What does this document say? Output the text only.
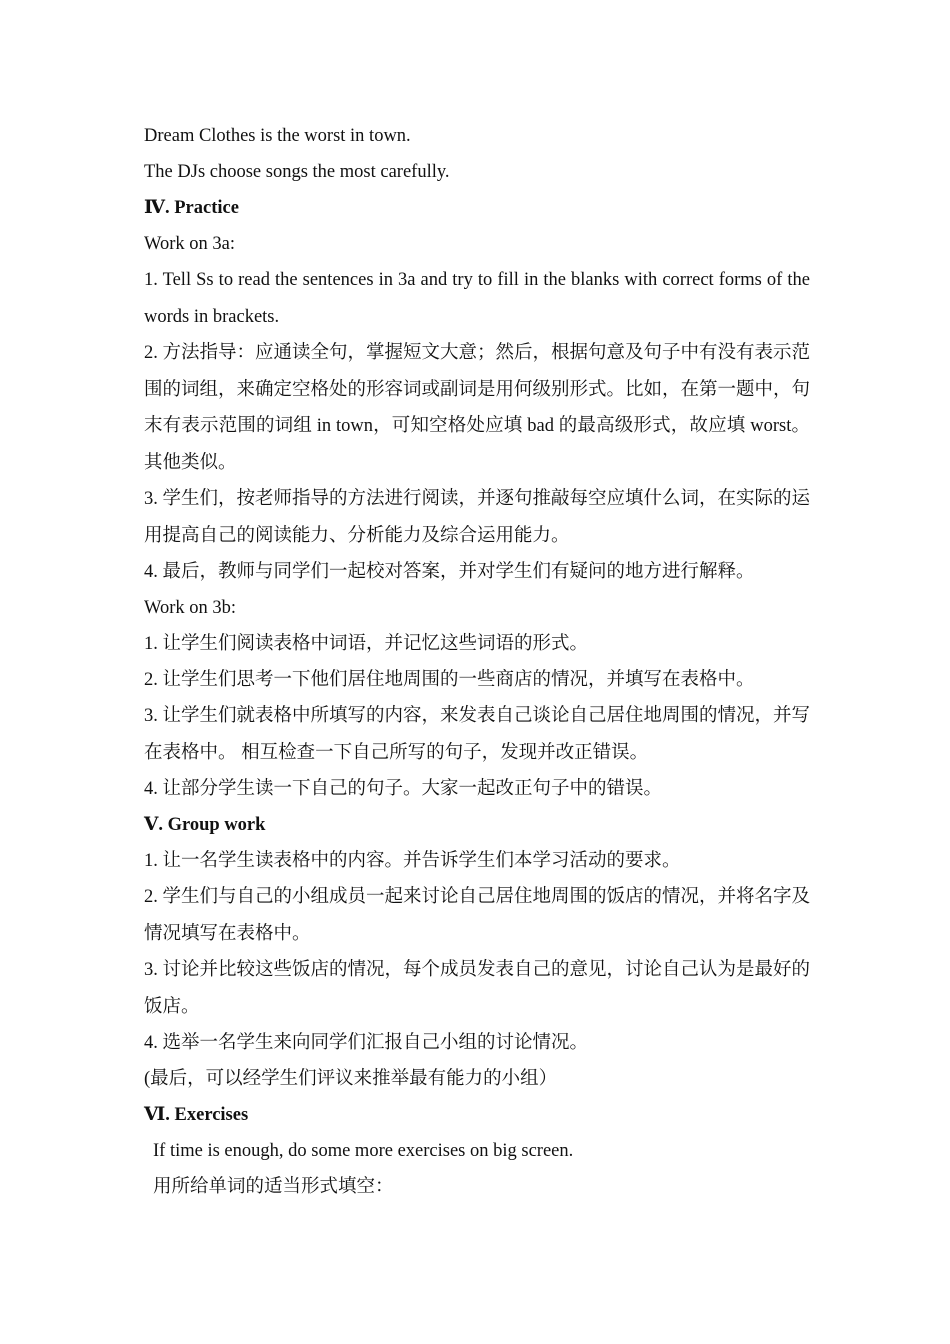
Dream Clothes is the worst in town.
The DJs choose songs the most carefully.
Ⅳ. Practice
Work on 3a:
1. Tell Ss to read the sentences in 3a and try to fill in the blanks with correct forms of the words in brackets.
2. 方法指导：应通读全句，掌握短文大意；然后，根据句意及句子中有没有表示范围的词组，来确定空格处的形容词或副词是用何级别形式。比如，在第一题中，句末有表示范围的词组 in town，可知空格处应填 bad 的最高级形式，故应填 worst。其他类似。
3. 学生们，按老师指导的方法进行阅读，并逐句推敲每空应填什么词，在实际的运用提高自己的阅读能力、分析能力及综合运用能力。
4. 最后，教师与同学们一起校对答案，并对学生们有疑问的地方进行解释。
Work on 3b:
1. 让学生们阅读表格中词语，并记忆这些词语的形式。
2. 让学生们思考一下他们居住地周围的一些商店的情况，并填写在表格中。
3. 让学生们就表格中所填写的内容，来发表自己谈论自己居住地周围的情况，并写在表格中。 相互检查一下自己所写的句子，发现并改正错误。
4. 让部分学生读一下自己的句子。大家一起改正句子中的错误。
Ⅴ. Group work
1. 让一名学生读表格中的内容。并告诉学生们本学习活动的要求。
2. 学生们与自己的小组成员一起来讨论自己居住地周围的饭店的情况，并将名字及情况填写在表格中。
3. 讨论并比较这些饭店的情况，每个成员发表自己的意见，讨论自己认为是最好的饭店。
4. 选举一名学生来向同学们汇报自己小组的讨论情况。
(最后，可以经学生们评议来推举最有能力的小组）
Ⅵ. Exercises
If time is enough, do some more exercises on big screen.
用所给单词的适当形式填空：
